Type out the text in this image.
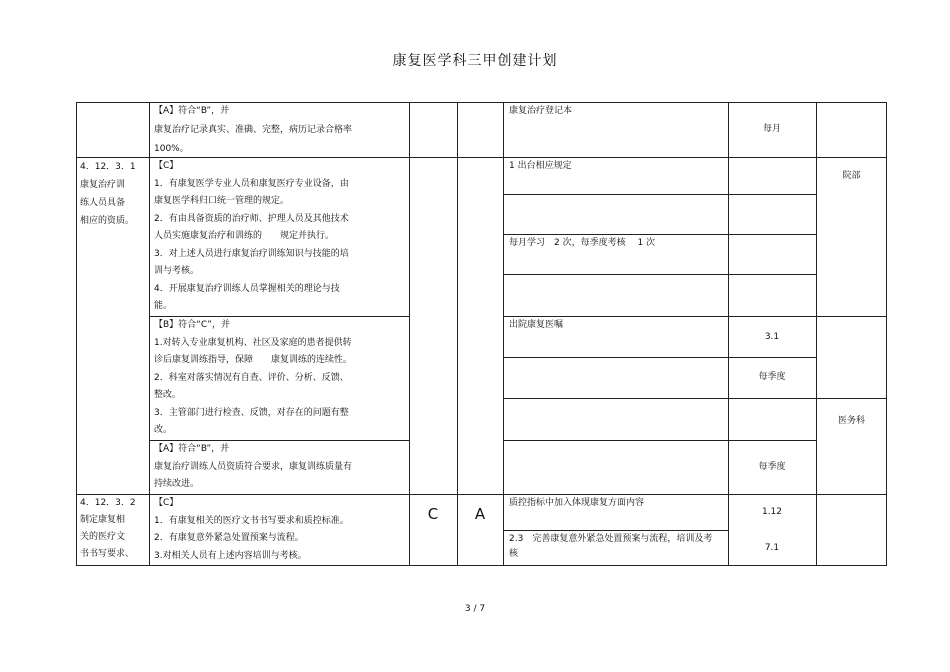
康复医学科三甲创建计划

【A】符合“B”，并

康复治疗记录真实、准确、完整，病历记录合格率

100%。

康复治疗登记本
每月

4．12．3．1

康复治疗训

练人员具备

相应的资质。

【C】

1．有康复医学专业人员和康复医疗专业设备，由

康复医学科归口统一管理的规定。

2．有由具备资质的治疗师、护理人员及其他技术

人员实施康复治疗和训练的　　规定并执行。

3．对上述人员进行康复治疗训练知识与技能的培

训与考核。

4．开展康复治疗训练人员掌握相关的理论与技

能。

【B】符合“C”，并

1.对转入专业康复机构、社区及家庭的患者提供转

诊后康复训练指导，保障　　康复训练的连续性。

2．科室对落实情况有自查、评价、分析、反馈、

整改。

3．主管部门进行检查、反馈，对存在的问题有整

改。

【A】符合“B”，并

康复治疗训练人员资质符合要求，康复训练质量有

持续改进。

1 出台相应规定
每月学习　2 次，每季度考核　 1 次
出院康复医嘱
3.1
每季度
每季度
院部
医务科

4．12．3．2

制定康复相

关的医疗文

书书写要求、

【C】

1．有康复相关的医疗文书书写要求和质控标准。

2．有康复意外紧急处置预案与流程。

3.对相关人员有上述内容培训与考核。

C	A
质控指标中加入体现康复方面内容
2.3　完善康复意外紧急处置预案与流程，培训及考核
1.12
7.1
3 / 7
